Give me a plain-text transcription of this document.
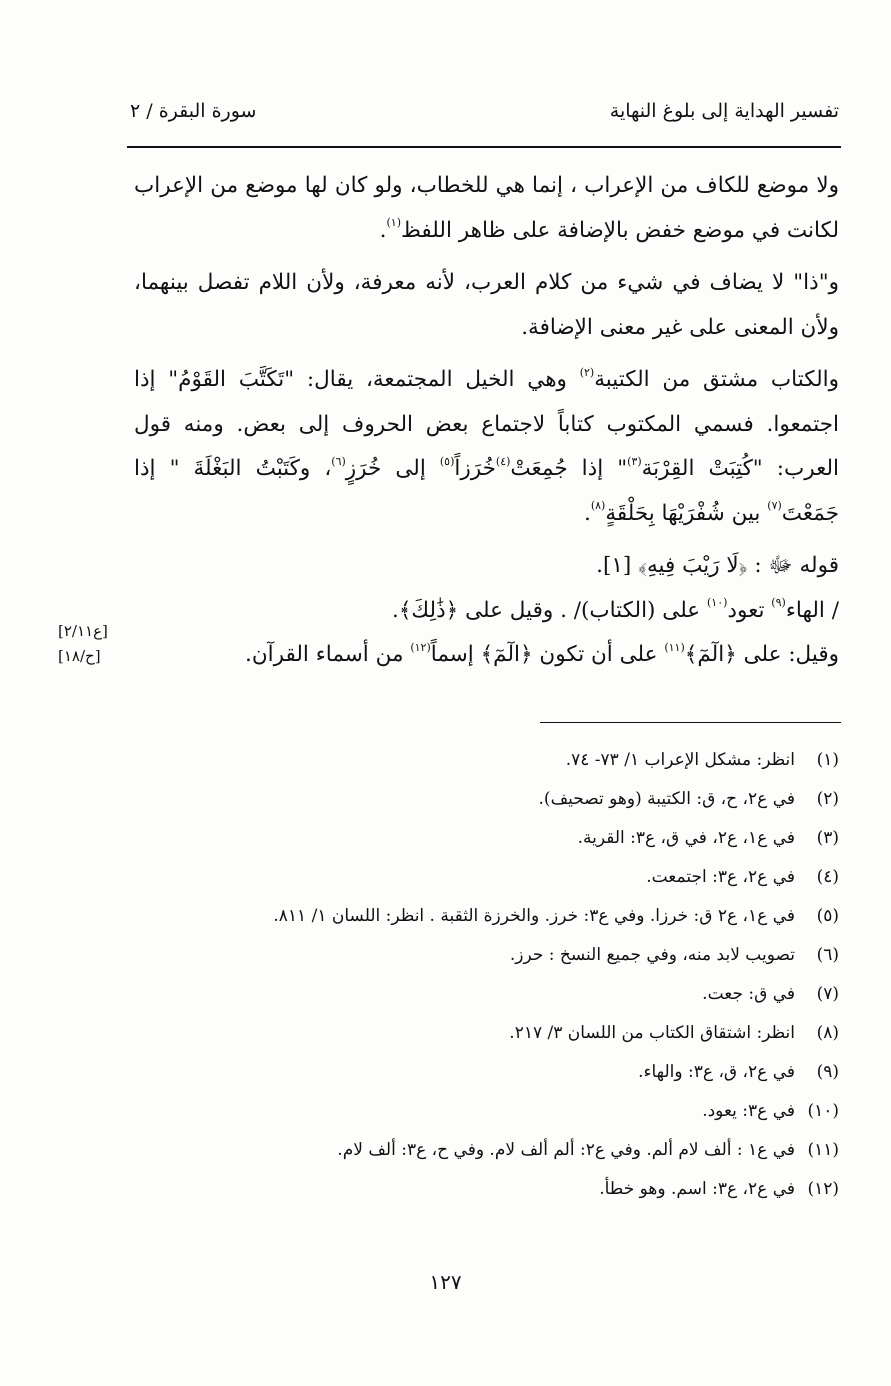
تفسير الهداية إلى بلوغ النهاية
سورة البقرة / ٢

ولا موضع للكاف من الإعراب ، إنما هي للخطاب، ولو كان لها موضع من الإعراب لكانت في موضع خفض بالإضافة على ظاهر اللفظ$^{(١)}$.

و"ذا" لا يضاف في شيء من كلام العرب، لأنه معرفة، ولأن اللام تفصل بينهما، ولأن المعنى على غير معنى الإضافة.

والكتاب مشتق من الكتيبة$^{(٢)}$ وهي الخيل المجتمعة، يقال: "تَكَتَّبَ القَوْمُ" إذا اجتمعوا. فسمي المكتوب كتاباً لاجتماع بعض الحروف إلى بعض. ومنه قول العرب: "كُتِبَتْ القِرْبَة$^{(٣)}$" إذا جُمِعَتْ$^{(٤)}$خُرَزاً$^{(٥)}$ إلى خُرَزٍ$^{(٦)}$، وكَتَبْتُ البَغْلَةَ " إذا جَمَعْتَ$^{(٧)}$ بين شُفْرَيْهَا بِحَلْقَةٍ$^{(٨)}$.

قوله ﷻ : ﴿لَا رَيْبَ فِيهِ﴾ [١].

/ الهاء$^{(٩)}$ تعود$^{(١٠)}$ على (الكتاب)/ . وقيل على ﴿ذَٰلِكَ﴾.

وقيل: على ﴿الٓمٓ﴾$^{(١١)}$ على أن تكون ﴿الٓمٓ﴾ إسماً$^{(١٢)}$ من أسماء القرآن.

[ع٢/١١]
[ح/١٨]
(١)
انظر: مشكل الإعراب ١/ ٧٣- ٧٤.
(٢)
في ع٢، ح، ق: الكتيبة (وهو تصحيف).
(٣)
في ع١، ع٢، في ق، ع٣: القرية.
(٤)
في ع٢، ع٣: اجتمعت.
(٥)
في ع١، ع٢ ق: خرزا. وفي ع٣: خرز. والخرزة الثقبة . انظر: اللسان ١/ ٨١١.
(٦)
تصويب لابد منه، وفي جميع النسخ : حرز.
(٧)
في ق: جعت.
(٨)
انظر: اشتقاق الكتاب من اللسان ٣/ ٢١٧.
(٩)
في ع٢، ق، ع٣: والهاء.
(١٠)
في ع٣: يعود.
(١١)
في ع١ : ألف لام ألم. وفي ع٢: ألم ألف لام. وفي ح، ع٣: ألف لام.
(١٢)
في ع٢، ع٣: اسم. وهو خطأ.
١٢٧
